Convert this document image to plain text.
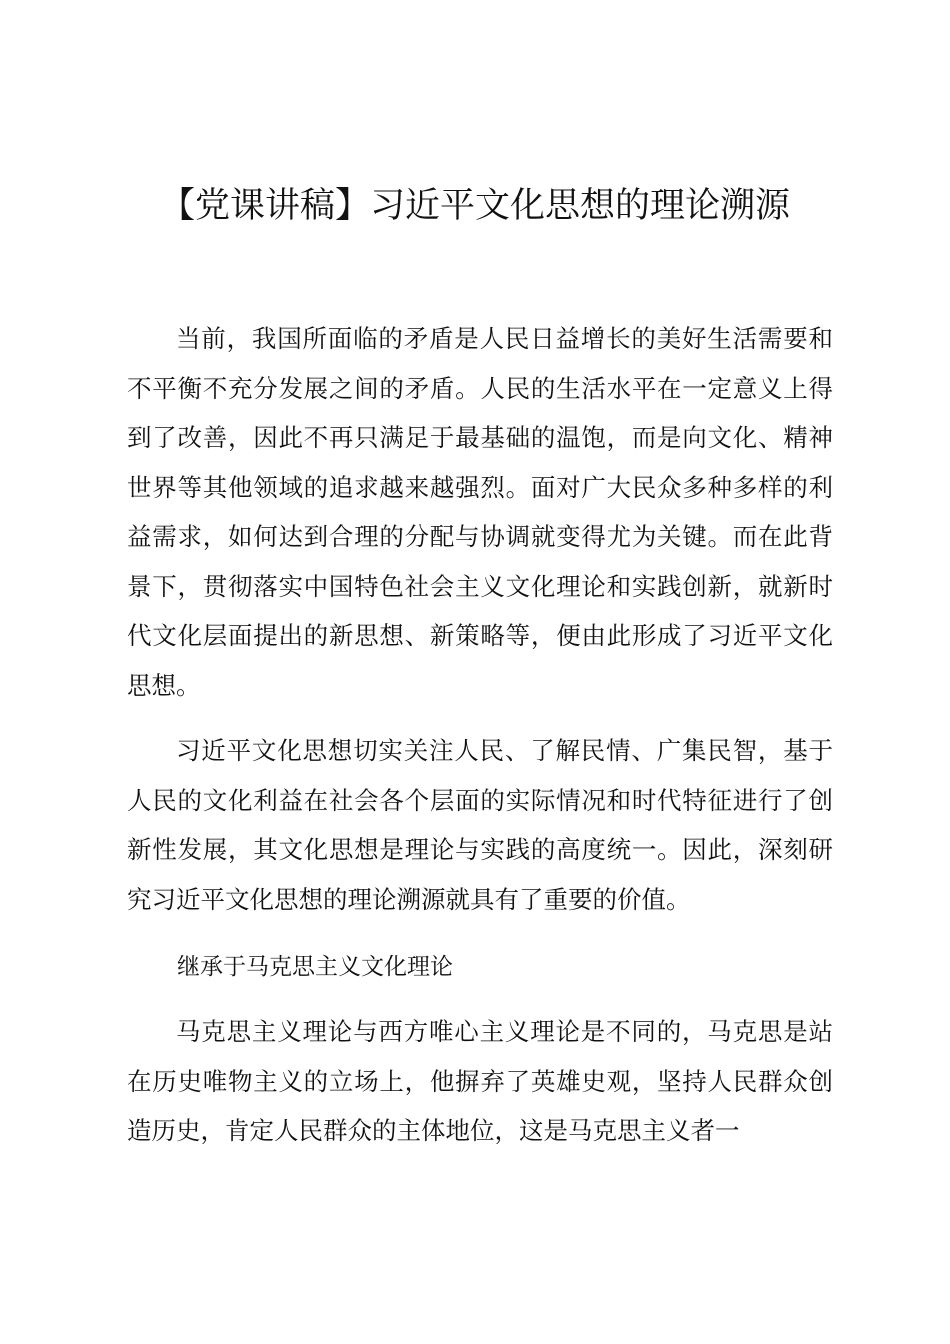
【党课讲稿】习近平文化思想的理论溯源

当前，我国所面临的矛盾是人民日益增长的美好生活需要和不平衡不充分发展之间的矛盾。人民的生活水平在一定意义上得到了改善，因此不再只满足于最基础的温饱，而是向文化、精神世界等其他领域的追求越来越强烈。面对广大民众多种多样的利益需求，如何达到合理的分配与协调就变得尤为关键。而在此背景下，贯彻落实中国特色社会主义文化理论和实践创新，就新时代文化层面提出的新思想、新策略等，便由此形成了习近平文化思想。

习近平文化思想切实关注人民、了解民情、广集民智，基于人民的文化利益在社会各个层面的实际情况和时代特征进行了创新性发展，其文化思想是理论与实践的高度统一。因此，深刻研究习近平文化思想的理论溯源就具有了重要的价值。

继承于马克思主义文化理论

马克思主义理论与西方唯心主义理论是不同的，马克思是站在历史唯物主义的立场上，他摒弃了英雄史观，坚持人民群众创造历史，肯定人民群众的主体地位，这是马克思主义者一
